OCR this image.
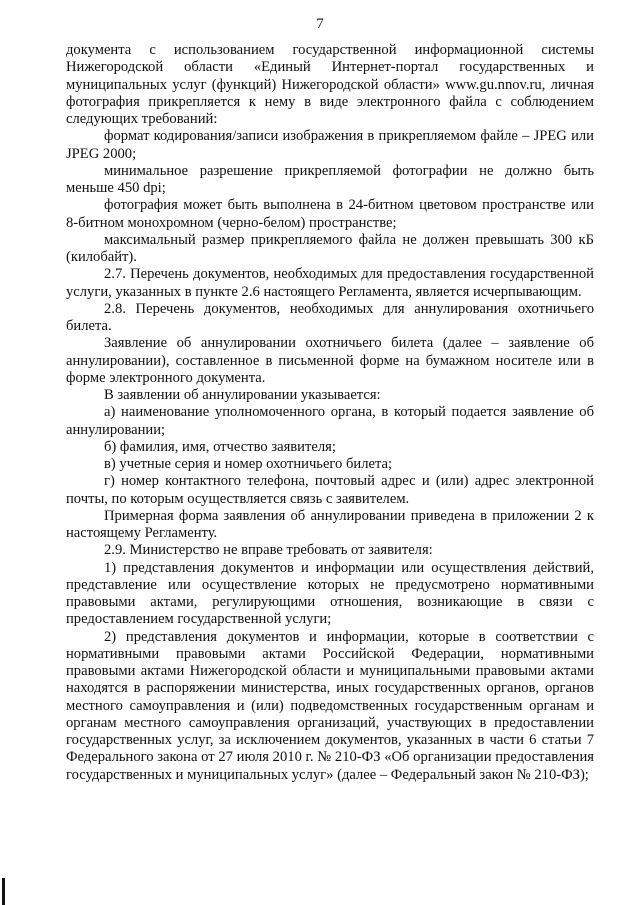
7

документа с использованием государственной информационной системы Нижегородской области «Единый Интернет-портал государственных и муниципальных услуг (функций) Нижегородской области» www.gu.nnov.ru, личная фотография прикрепляется к нему в виде электронного файла с соблюдением следующих требований:

формат кодирования/записи изображения в прикрепляемом файле – JPEG или JPEG 2000;

минимальное разрешение прикрепляемой фотографии не должно быть меньше 450 dpi;

фотография может быть выполнена в 24-битном цветовом пространстве или 8-битном монохромном (черно-белом) пространстве;

максимальный размер прикрепляемого файла не должен превышать 300 кБ (килобайт).

2.7. Перечень документов, необходимых для предоставления государственной услуги, указанных в пункте 2.6 настоящего Регламента, является исчерпывающим.

2.8. Перечень документов, необходимых для аннулирования охотничьего билета.

Заявление об аннулировании охотничьего билета (далее – заявление об аннулировании), составленное в письменной форме на бумажном носителе или в форме электронного документа.

В заявлении об аннулировании указывается:

а) наименование уполномоченного органа, в который подается заявление об аннулировании;

б) фамилия, имя, отчество заявителя;

в) учетные серия и номер охотничьего билета;

г) номер контактного телефона, почтовый адрес и (или) адрес электронной почты, по которым осуществляется связь с заявителем.

Примерная форма заявления об аннулировании приведена в приложении 2 к настоящему Регламенту.

2.9. Министерство не вправе требовать от заявителя:

1) представления документов и информации или осуществления действий, представление или осуществление которых не предусмотрено нормативными правовыми актами, регулирующими отношения, возникающие в связи с предоставлением государственной услуги;

2) представления документов и информации, которые в соответствии с нормативными правовыми актами Российской Федерации, нормативными правовыми актами Нижегородской области и муниципальными правовыми актами находятся в распоряжении министерства, иных государственных органов, органов местного самоуправления и (или) подведомственных государственным органам и органам местного самоуправления организаций, участвующих в предоставлении государственных услуг, за исключением документов, указанных в части 6 статьи 7 Федерального закона от 27 июля 2010 г. № 210-ФЗ «Об организации предоставления государственных и муниципальных услуг» (далее – Федеральный закон № 210-ФЗ);
